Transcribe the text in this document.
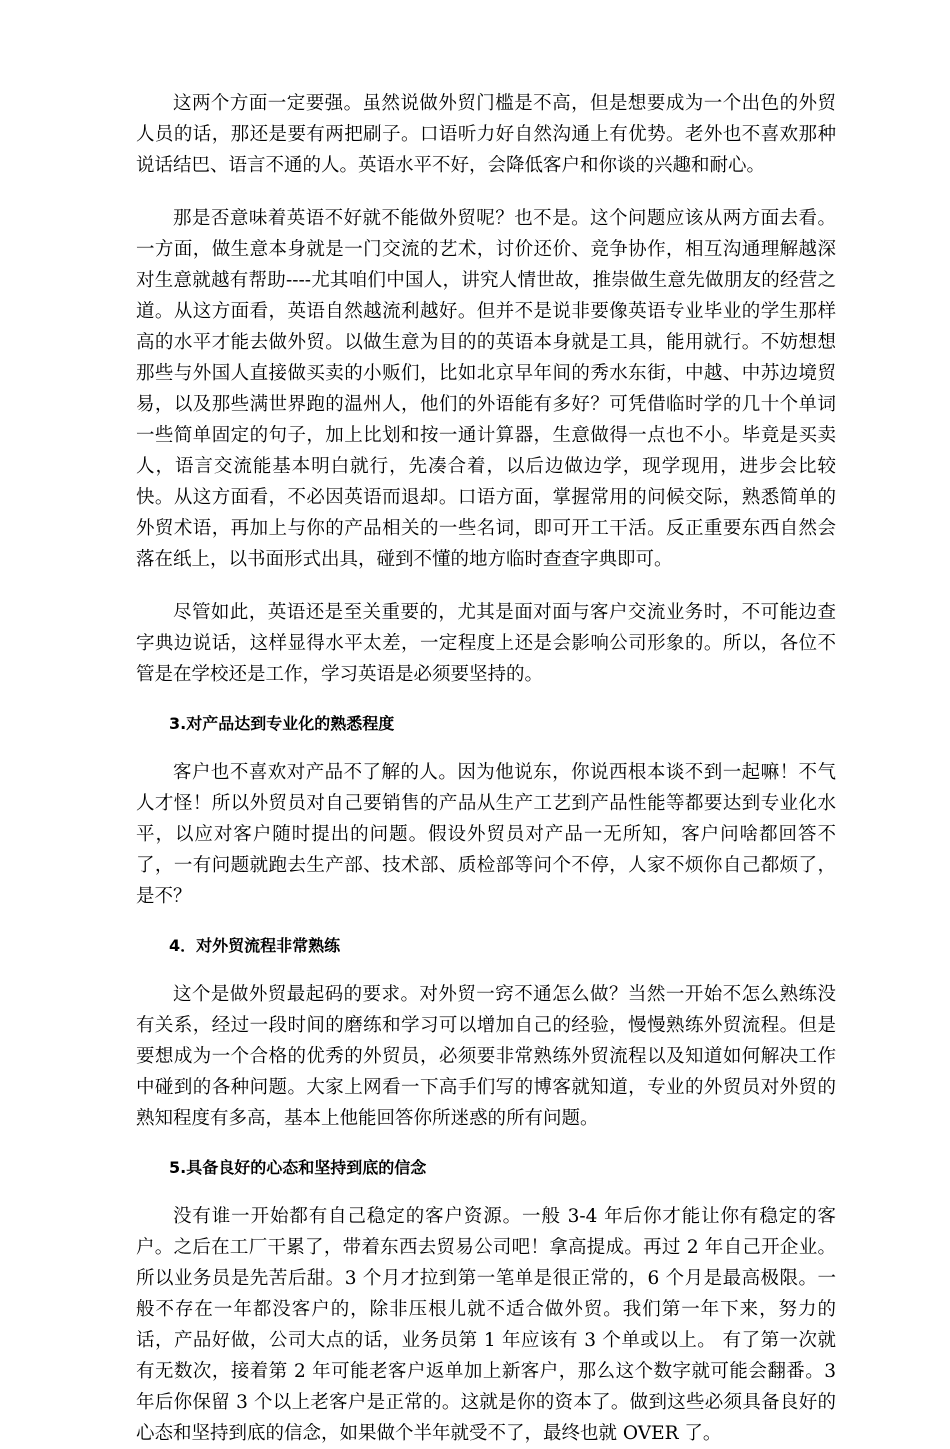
这两个方面一定要强。虽然说做外贸门槛是不高，但是想要成为一个出色的外贸人员的话，那还是要有两把刷子。口语听力好自然沟通上有优势。老外也不喜欢那种说话结巴、语言不通的人。英语水平不好，会降低客户和你谈的兴趣和耐心。

那是否意味着英语不好就不能做外贸呢？也不是。这个问题应该从两方面去看。一方面，做生意本身就是一门交流的艺术，讨价还价、竞争协作，相互沟通理解越深对生意就越有帮助----尤其咱们中国人，讲究人情世故，推崇做生意先做朋友的经营之道。从这方面看，英语自然越流利越好。但并不是说非要像英语专业毕业的学生那样高的水平才能去做外贸。以做生意为目的的英语本身就是工具，能用就行。不妨想想那些与外国人直接做买卖的小贩们，比如北京早年间的秀水东街，中越、中苏边境贸易，以及那些满世界跑的温州人，他们的外语能有多好？可凭借临时学的几十个单词一些简单固定的句子，加上比划和按一通计算器，生意做得一点也不小。毕竟是买卖人，语言交流能基本明白就行，先凑合着，以后边做边学，现学现用，进步会比较快。从这方面看，不必因英语而退却。口语方面，掌握常用的问候交际，熟悉简单的外贸术语，再加上与你的产品相关的一些名词，即可开工干活。反正重要东西自然会落在纸上，以书面形式出具，碰到不懂的地方临时查查字典即可。

尽管如此，英语还是至关重要的，尤其是面对面与客户交流业务时，不可能边查字典边说话，这样显得水平太差，一定程度上还是会影响公司形象的。所以，各位不管是在学校还是工作，学习英语是必须要坚持的。

3.对产品达到专业化的熟悉程度

客户也不喜欢对产品不了解的人。因为他说东，你说西根本谈不到一起嘛！不气人才怪！所以外贸员对自己要销售的产品从生产工艺到产品性能等都要达到专业化水平，以应对客户随时提出的问题。假设外贸员对产品一无所知，客户问啥都回答不了，一有问题就跑去生产部、技术部、质检部等问个不停，人家不烦你自己都烦了，是不？

4．对外贸流程非常熟练

这个是做外贸最起码的要求。对外贸一窍不通怎么做？当然一开始不怎么熟练没有关系，经过一段时间的磨练和学习可以增加自己的经验，慢慢熟练外贸流程。但是要想成为一个合格的优秀的外贸员，必须要非常熟练外贸流程以及知道如何解决工作中碰到的各种问题。大家上网看一下高手们写的博客就知道，专业的外贸员对外贸的熟知程度有多高，基本上他能回答你所迷惑的所有问题。

5.具备良好的心态和坚持到底的信念

没有谁一开始都有自己稳定的客户资源。一般 3-4 年后你才能让你有稳定的客户。之后在工厂干累了，带着东西去贸易公司吧！拿高提成。再过 2 年自己开企业。所以业务员是先苦后甜。3 个月才拉到第一笔单是很正常的，6 个月是最高极限。一般不存在一年都没客户的，除非压根儿就不适合做外贸。我们第一年下来，努力的话，产品好做，公司大点的话，业务员第 1 年应该有 3 个单或以上。 有了第一次就有无数次，接着第 2 年可能老客户返单加上新客户，那么这个数字就可能会翻番。3 年后你保留 3 个以上老客户是正常的。这就是你的资本了。做到这些必须具备良好的心态和坚持到底的信念，如果做个半年就受不了，最终也就 OVER 了。
